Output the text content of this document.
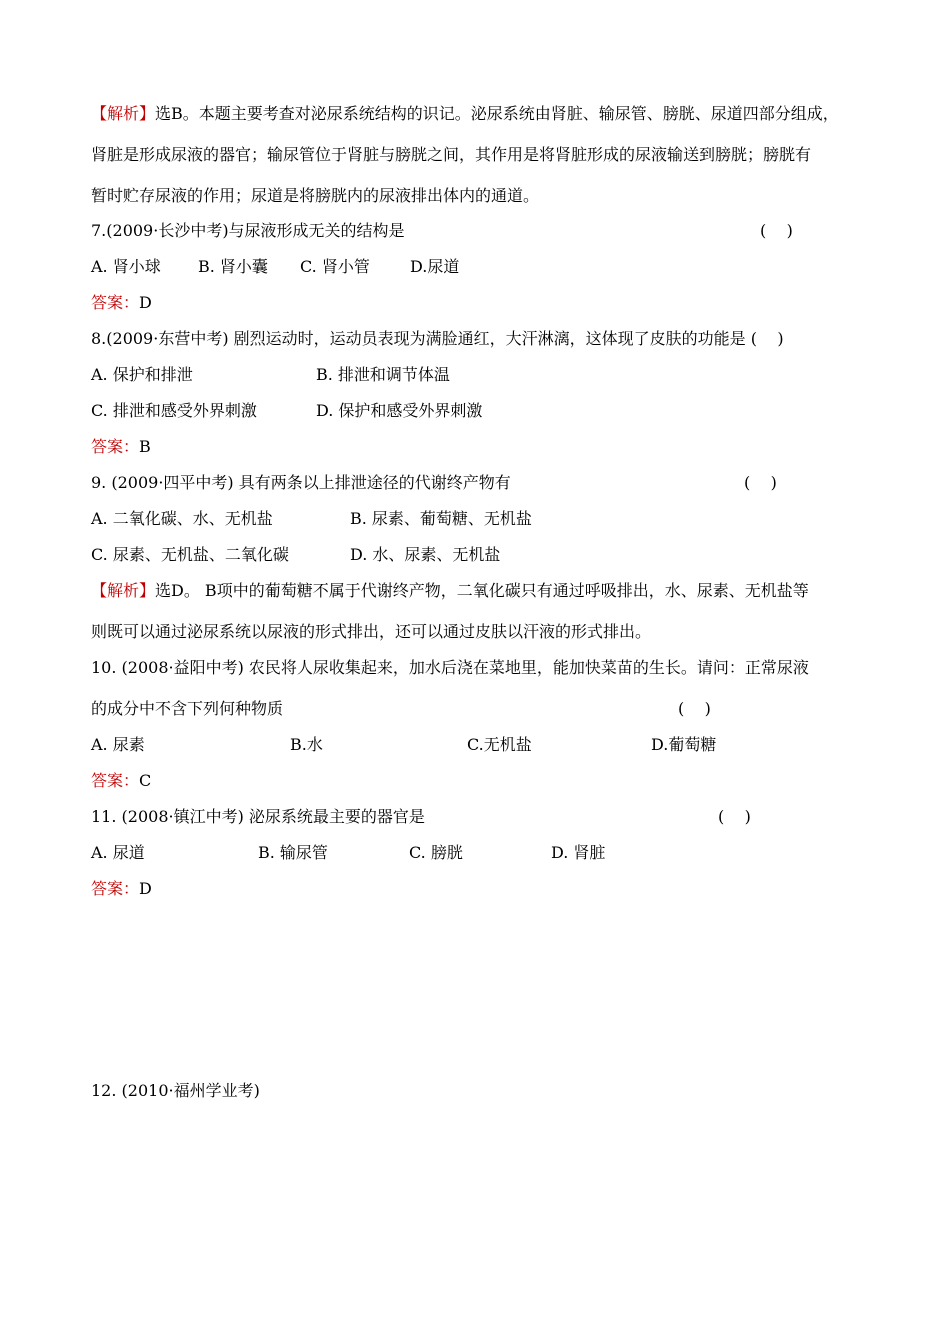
【解析】选B。本题主要考查对泌尿系统结构的识记。泌尿系统由肾脏、输尿管、膀胱、尿道四部分组成，
肾脏是形成尿液的器官；输尿管位于肾脏与膀胱之间，其作用是将肾脏形成的尿液输送到膀胱；膀胱有
暂时贮存尿液的作用；尿道是将膀胱内的尿液排出体内的通道。
7.(2009·长沙中考)与尿液形成无关的结构是	(    )
A. 肾小球 B. 肾小囊 C. 肾小管	D.尿道
答案：D
8.(2009·东营中考) 剧烈运动时，运动员表现为满脸通红，大汗淋漓，这体现了皮肤的功能是 (    )
A. 保护和排泄	B. 排泄和调节体温
C. 排泄和感受外界刺激	D. 保护和感受外界刺激
答案：B
9. (2009·四平中考) 具有两条以上排泄途径的代谢终产物有	(    )
A. 二氧化碳、水、无机盐	B. 尿素、葡萄糖、无机盐
C. 尿素、无机盐、二氧化碳	D. 水、尿素、无机盐
【解析】选D。 B项中的葡萄糖不属于代谢终产物，二氧化碳只有通过呼吸排出，水、尿素、无机盐等
则既可以通过泌尿系统以尿液的形式排出，还可以通过皮肤以汗液的形式排出。
10. (2008·益阳中考) 农民将人尿收集起来，加水后浇在菜地里，能加快菜苗的生长。请问：正常尿液
的成分中不含下列何种物质	(    )
A. 尿素	B.水	C.无机盐	D.葡萄糖
答案：C
11. (2008·镇江中考) 泌尿系统最主要的器官是	(    )
A. 尿道	B. 输尿管	C. 膀胱	D. 肾脏
答案：D
12. (2010·福州学业考)
